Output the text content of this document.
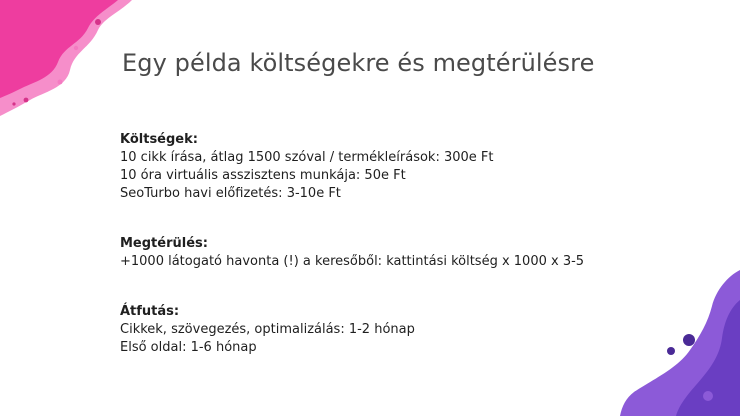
Egy példa költségekre és megtérülésre
Költségek:
10 cikk írása, átlag 1500 szóval / termékleírások: 300e Ft
10 óra virtuális asszisztens munkája: 50e Ft
SeoTurbo havi előfizetés: 3-10e Ft
Megtérülés:
+1000 látogató havonta (!) a keresőből: kattintási költség x 1000 x 3-5
Átfutás:
Cikkek, szövegezés, optimalizálás: 1-2 hónap
Első oldal: 1-6 hónap
